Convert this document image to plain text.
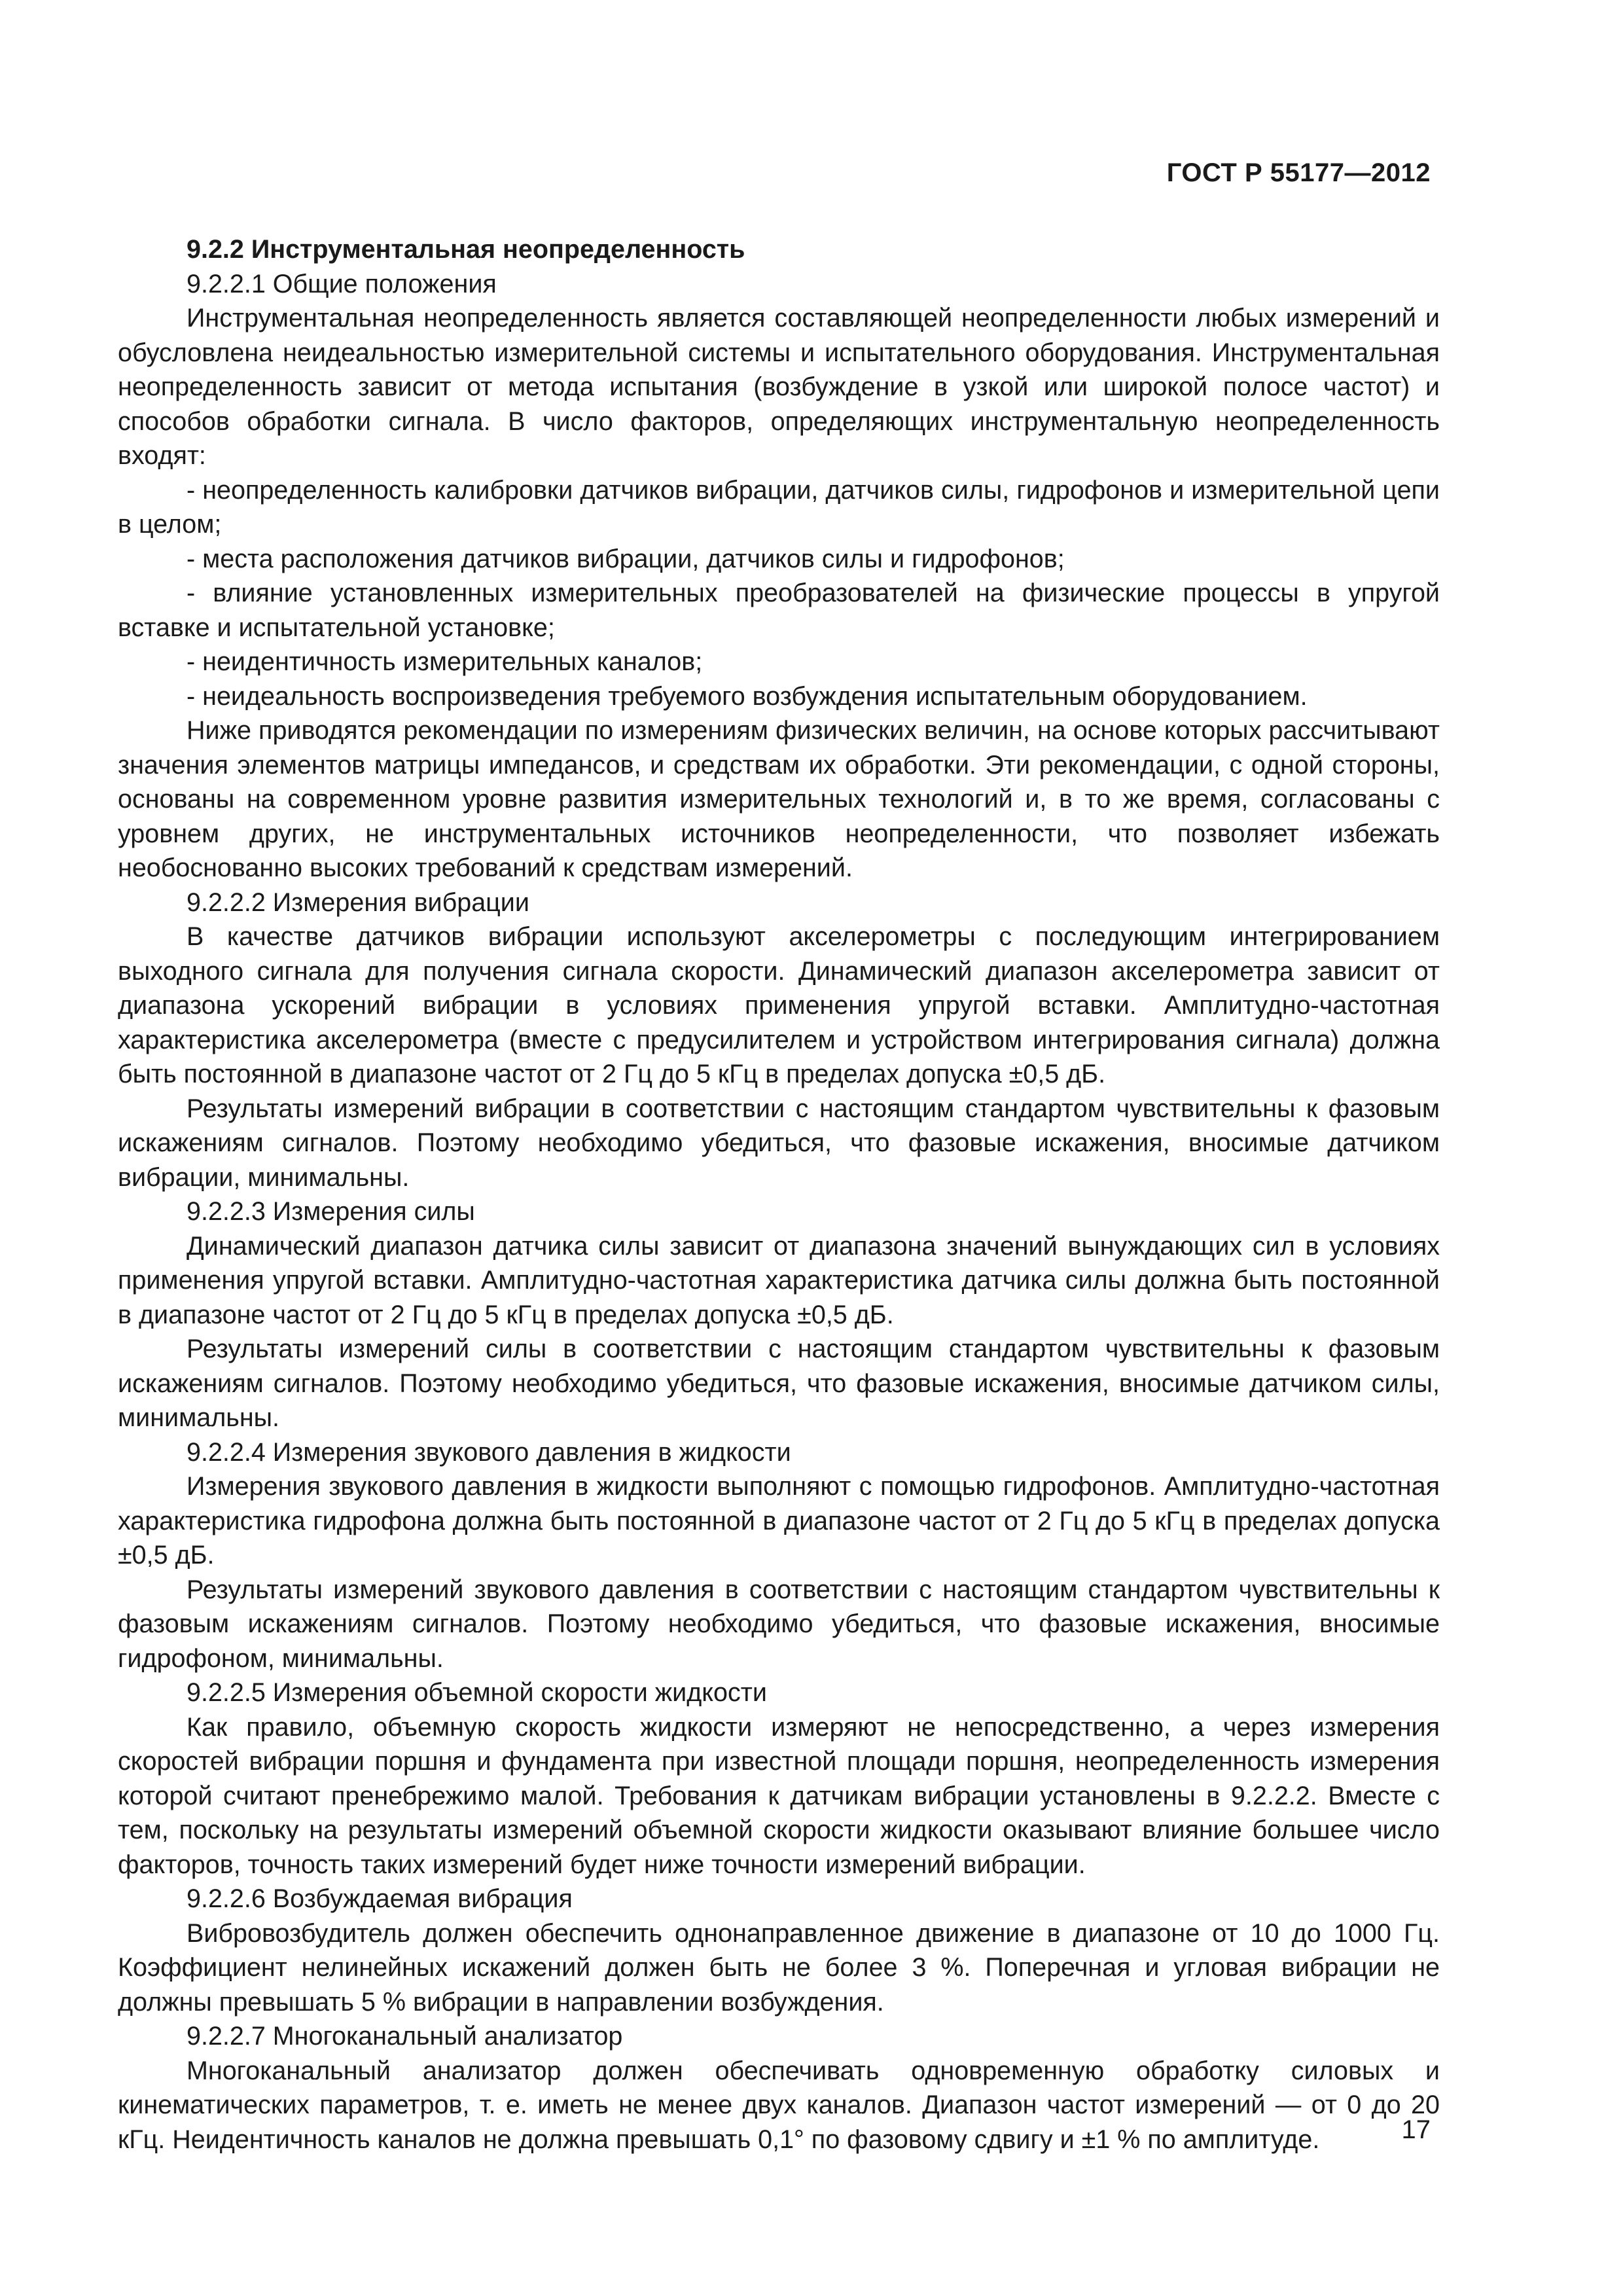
ГОСТ Р 55177—2012

9.2.2 Инструментальная неопределенность

9.2.2.1 Общие положения

Инструментальная неопределенность является составляющей неопределенности любых измерений и обусловлена неидеальностью измерительной системы и испытательного оборудования. Инструментальная неопределенность зависит от метода испытания (возбуждение в узкой или широкой полосе частот) и способов обработки сигнала. В число факторов, определяющих инструментальную неопределенность входят:

- неопределенность калибровки датчиков вибрации, датчиков силы, гидрофонов и измерительной цепи в целом;

- места расположения датчиков вибрации, датчиков силы и гидрофонов;

- влияние установленных измерительных преобразователей на физические процессы в упругой вставке и испытательной установке;

- неидентичность измерительных каналов;

- неидеальность воспроизведения требуемого возбуждения испытательным оборудованием.

Ниже приводятся рекомендации по измерениям физических величин, на основе которых рассчитывают значения элементов матрицы импедансов, и средствам их обработки. Эти рекомендации, с одной стороны, основаны на современном уровне развития измерительных технологий и, в то же время, согласованы с уровнем других, не инструментальных источников неопределенности, что позволяет избежать необоснованно высоких требований к средствам измерений.

9.2.2.2 Измерения вибрации

В качестве датчиков вибрации используют акселерометры с последующим интегрированием выходного сигнала для получения сигнала скорости. Динамический диапазон акселерометра зависит от диапазона ускорений вибрации в условиях применения упругой вставки. Амплитудно-частотная характеристика акселерометра (вместе с предусилителем и устройством интегрирования сигнала) должна быть постоянной в диапазоне частот от 2 Гц до 5 кГц в пределах допуска ±0,5 дБ.

Результаты измерений вибрации в соответствии с настоящим стандартом чувствительны к фазовым искажениям сигналов. Поэтому необходимо убедиться, что фазовые искажения, вносимые датчиком вибрации, минимальны.

9.2.2.3 Измерения силы

Динамический диапазон датчика силы зависит от диапазона значений вынуждающих сил в условиях применения упругой вставки. Амплитудно-частотная характеристика датчика силы должна быть постоянной в диапазоне частот от 2 Гц до 5 кГц в пределах допуска ±0,5 дБ.

Результаты измерений силы в соответствии с настоящим стандартом чувствительны к фазовым искажениям сигналов. Поэтому необходимо убедиться, что фазовые искажения, вносимые датчиком силы, минимальны.

9.2.2.4 Измерения звукового давления в жидкости

Измерения звукового давления в жидкости выполняют с помощью гидрофонов. Амплитудно-частотная характеристика гидрофона должна быть постоянной в диапазоне частот от 2 Гц до 5 кГц в пределах допуска ±0,5 дБ.

Результаты измерений звукового давления в соответствии с настоящим стандартом чувствительны к фазовым искажениям сигналов. Поэтому необходимо убедиться, что фазовые искажения, вносимые гидрофоном, минимальны.

9.2.2.5 Измерения объемной скорости жидкости

Как правило, объемную скорость жидкости измеряют не непосредственно, а через измерения скоростей вибрации поршня и фундамента при известной площади поршня, неопределенность измерения которой считают пренебрежимо малой. Требования к датчикам вибрации установлены в 9.2.2.2. Вместе с тем, поскольку на результаты измерений объемной скорости жидкости оказывают влияние большее число факторов, точность таких измерений будет ниже точности измерений вибрации.

9.2.2.6 Возбуждаемая вибрация

Вибровозбудитель должен обеспечить однонаправленное движение в диапазоне от 10 до 1000 Гц. Коэффициент нелинейных искажений должен быть не более 3 %. Поперечная и угловая вибрации не должны превышать 5 % вибрации в направлении возбуждения.

9.2.2.7 Многоканальный анализатор

Многоканальный анализатор должен обеспечивать одновременную обработку силовых и кинематических параметров, т. е. иметь не менее двух каналов. Диапазон частот измерений — от 0 до 20 кГц. Неидентичность каналов не должна превышать 0,1° по фазовому сдвигу и ±1 % по амплитуде.	17
